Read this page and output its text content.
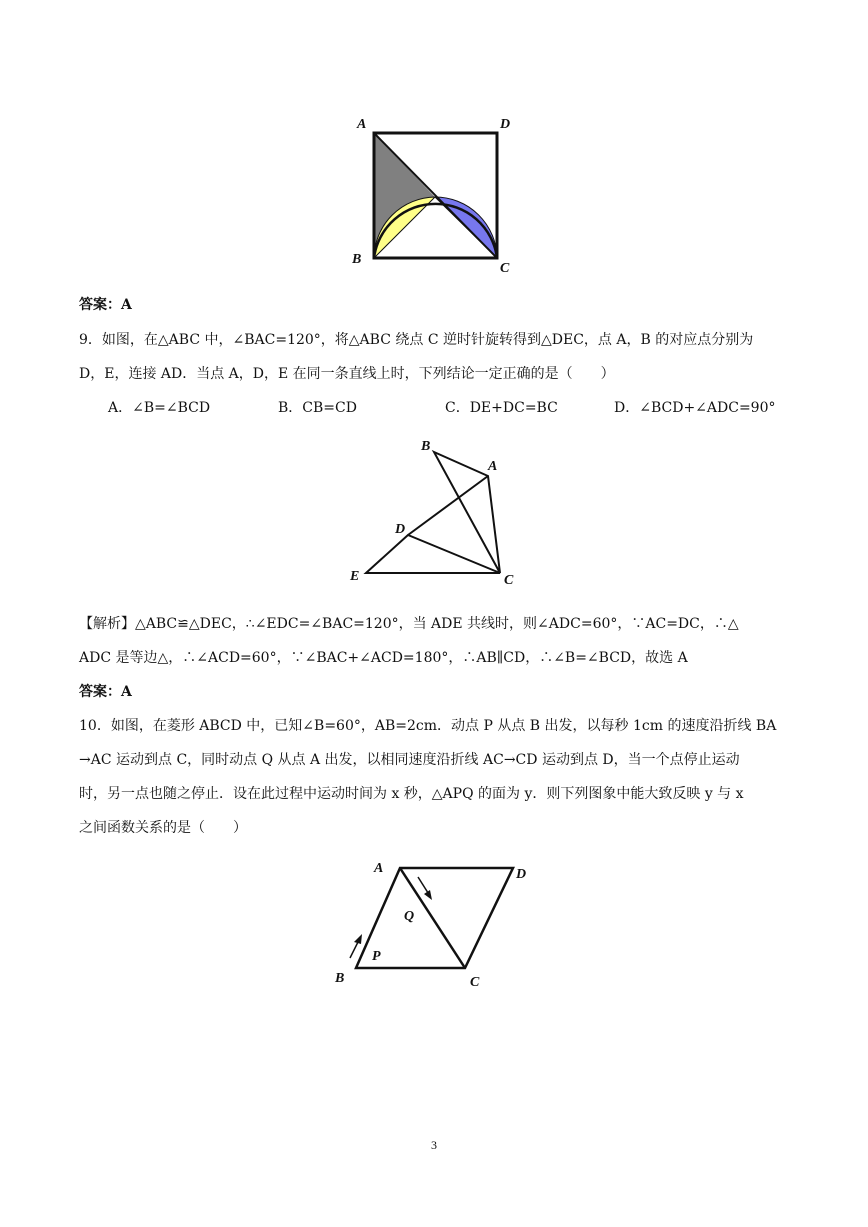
A	D
B
C
答案：A
9．如图，在△ABC 中，∠BAC=120°，将△ABC 绕点 C 逆时针旋转得到△DEC，点 A，B 的对应点分别为
D，E，连接 AD．当点 A，D，E 在同一条直线上时，下列结论一定正确的是（　　）
A．∠B=∠BCD	B．CB=CD	C．DE+DC=BC	D．∠BCD+∠ADC=90°
B
A
D
E	C
【解析】△ABC≌△DEC，∴∠EDC=∠BAC=120°，当 ADE 共线时，则∠ADC=60°，∵AC=DC，∴△
ADC 是等边△，∴∠ACD=60°，∵∠BAC+∠ACD=180°，∴AB∥CD，∴∠B=∠BCD，故选 A
答案：A
10．如图，在菱形 ABCD 中，已知∠B=60°，AB=2cm．动点 P 从点 B 出发，以每秒 1cm 的速度沿折线 BA
→AC 运动到点 C，同时动点 Q 从点 A 出发，以相同速度沿折线 AC→CD 运动到点 D，当一个点停止运动
时，另一点也随之停止．设在此过程中运动时间为 x 秒，△APQ 的面为 y．则下列图象中能大致反映 y 与 x
之间函数关系的是（　　）
A	D
Q
P
B	C
3
